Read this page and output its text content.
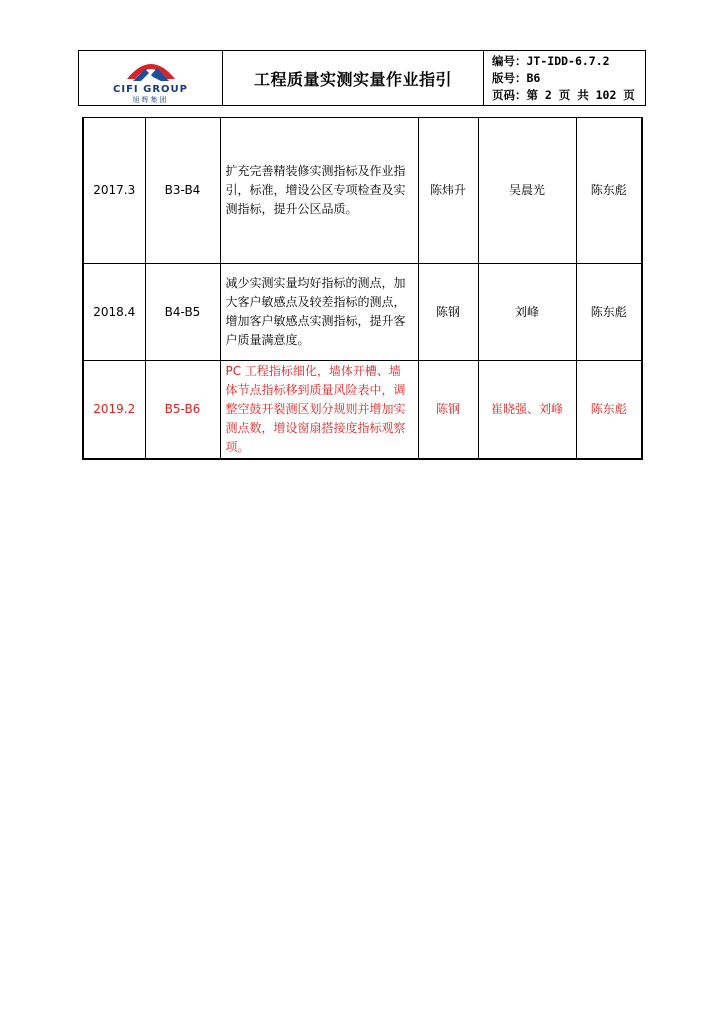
CIFI GROUP
旭辉集团
工程质量实测实量作业指引
编号：JT-IDD-6.7.2
版号：B6
页码：第 2 页 共 102 页
2017.3	B3-B4	扩充完善精装修实测指标及作业指引，标准，增设公区专项检查及实测指标，提升公区品质。	陈炜升	吴晨光	陈东彪
2018.4	B4-B5	减少实测实量均好指标的测点，加大客户敏感点及较差指标的测点，增加客户敏感点实测指标，提升客户质量满意度。	陈钢	刘峰	陈东彪
2019.2	B5-B6	PC 工程指标细化，墙体开槽、墙体节点指标移到质量风险表中，调整空鼓开裂测区划分规则并增加实测点数，增设窗扇搭接度指标观察项。	陈钢	崔晓强、刘峰	陈东彪
